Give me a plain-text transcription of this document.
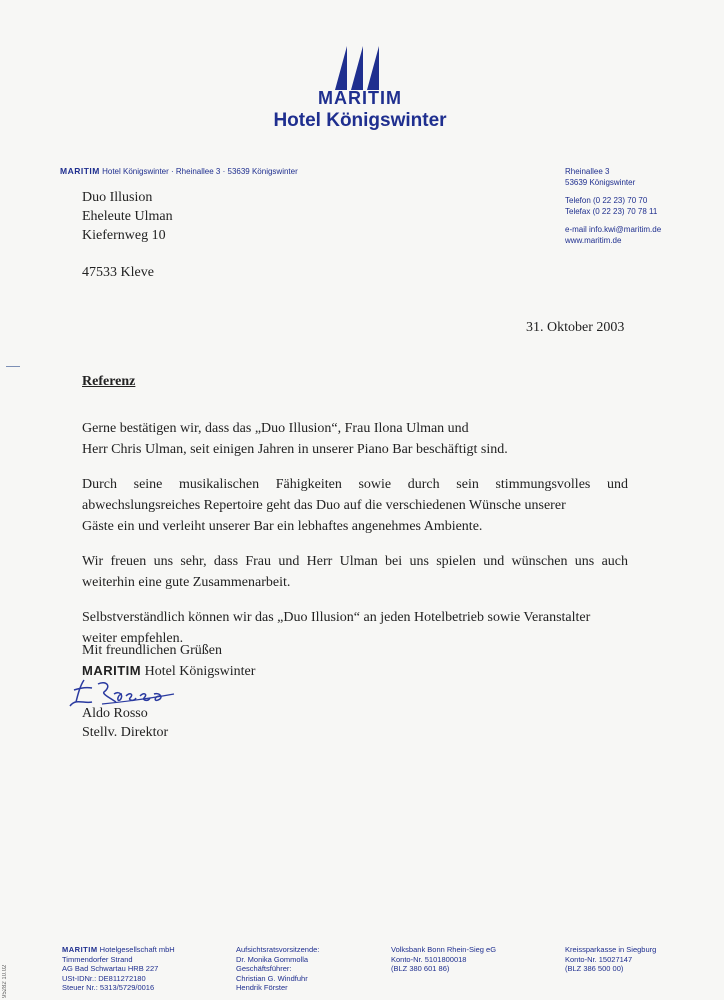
MARITIM
Hotel Königswinter
MARITIM Hotel Königswinter · Rheinallee 3 · 53639 Königswinter	Rheinallee 3
53639 Königswinter
Telefon (0 22 23) 70 70
Telefax (0 22 23) 70 78 11
e-mail info.kwi@maritim.de
www.maritim.de
Duo Illusion
Eheleute Ulman
Kiefernweg 10
47533 Kleve
31. Oktober 2003
Referenz

Gerne bestätigen wir, dass das „Duo Illusion“, Frau Ilona Ulman und
Herr Chris Ulman, seit einigen Jahren in unserer Piano Bar beschäftigt sind.

Durch seine musikalischen Fähigkeiten sowie durch sein stimmungsvolles und
abwechslungsreiches Repertoire geht das Duo auf die verschiedenen Wünsche unserer
Gäste ein und verleiht unserer Bar ein lebhaftes angenehmes Ambiente.

Wir freuen uns sehr, dass Frau und Herr Ulman bei uns spielen und wünschen uns auch
weiterhin eine gute Zusammenarbeit.

Selbstverständlich können wir das „Duo Illusion“ an jeden Hotelbetrieb sowie Veranstalter
weiter empfehlen.

Mit freundlichen Grüßen
MARITIM Hotel Königswinter
Aldo Rosso
Stellv. Direktor
95282 10.02
MARITIM Hotelgesellschaft mbH
Timmendorfer Strand
AG Bad Schwartau HRB 227
USt-IDNr.: DE811272180
Steuer Nr.: 5313/5729/0016
Aufsichtsratsvorsitzende:
Dr. Monika Gommolla
Geschäftsführer:
Christian G. Windfuhr
Hendrik Förster
Volksbank Bonn Rhein-Sieg eG
Konto-Nr. 5101800018
(BLZ 380 601 86)
Kreissparkasse in Siegburg
Konto-Nr. 15027147
(BLZ 386 500 00)
